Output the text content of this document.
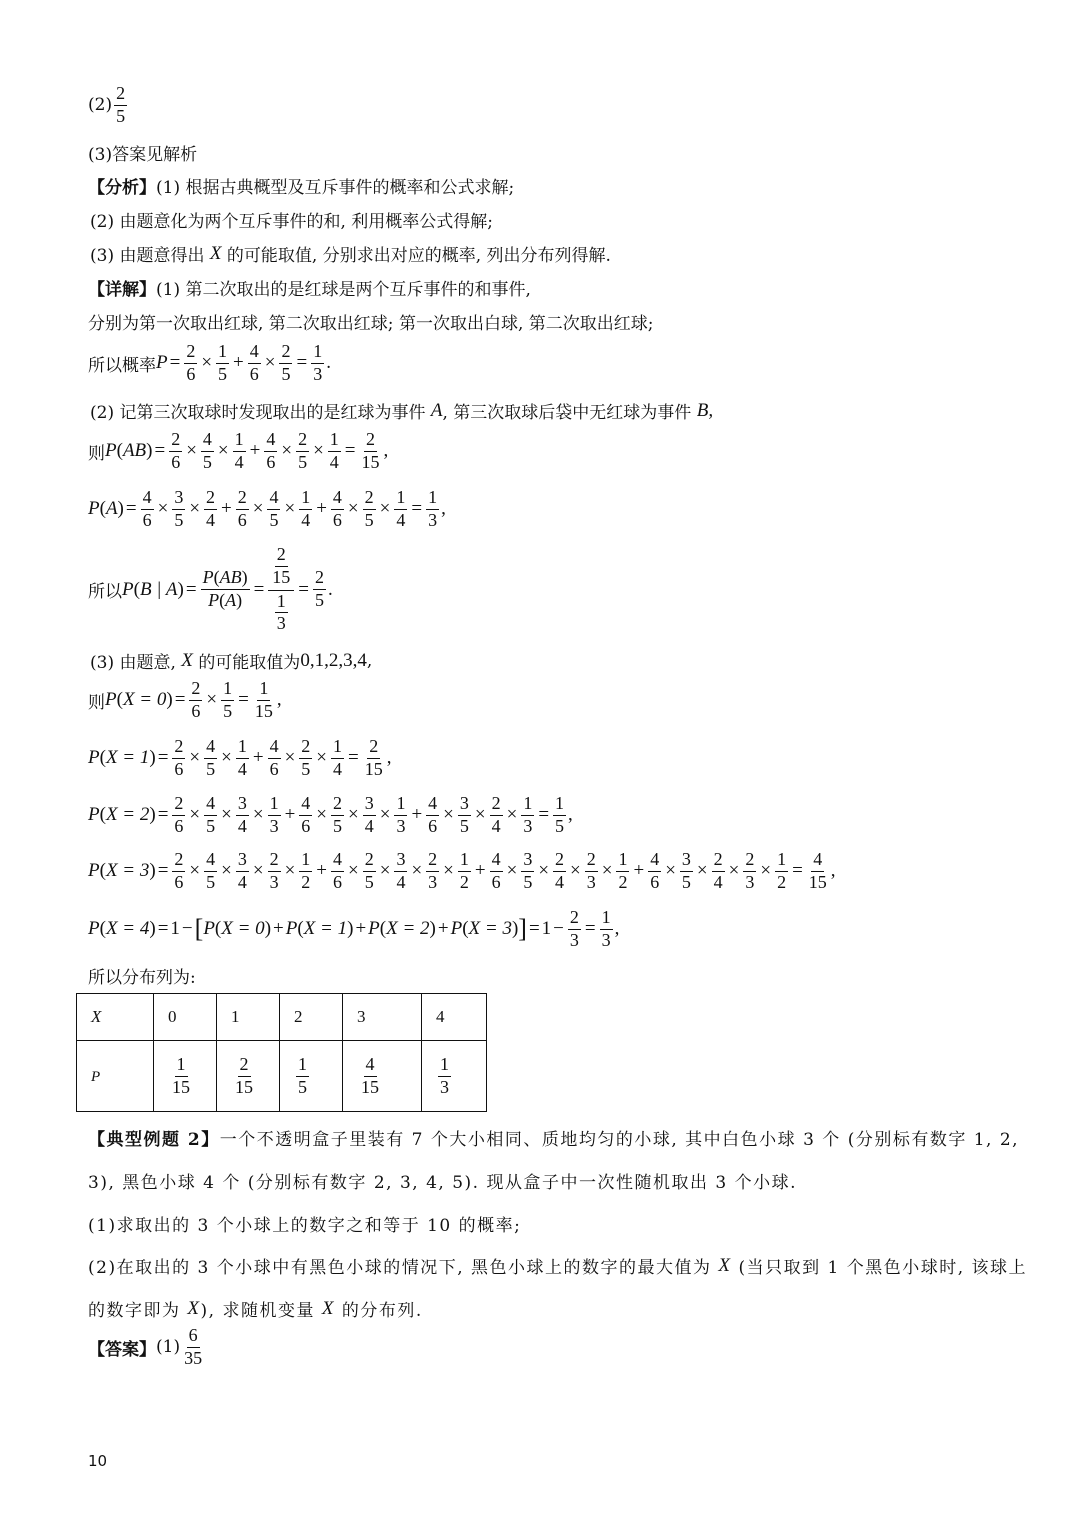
$(2) \frac{2}{5}$
(3)答案见解析
【分析】 (1) 根据古典概型及互斥事件的概率和公式求解;
(2) 由题意化为两个互斥事件的和, 利用概率公式得解;
(3) 由题意得出
X
的可能取值, 分别求出对应的概率, 列出分布列得解.
【详解】 (1) 第二次取出的是红球是两个互斥事件的和事件,
分别为第一次取出红球, 第二次取出红球; 第一次取出白球, 第二次取出红球;
所以概率 $P = \frac{2}{6} \times \frac{1}{5} + \frac{4}{6} \times \frac{2}{5} = \frac{1}{3}$ .
(2) 记第三次取球时发现取出的是红球为事件
A , 第三次取球后袋中无红球为事件
B,
则 P ( AB ) = $\frac{2}{6} \times \frac{4}{5} \times \frac{1}{4} + \frac{4}{6} \times \frac{2}{5} \times \frac{1}{4} = \frac{2}{15}$ ,
P ( A ) = $\frac{4}{6} \times \frac{3}{5} \times \frac{2}{4} + \frac{2}{6} \times \frac{4}{5} \times \frac{1}{4} + \frac{4}{6} \times \frac{2}{5} \times \frac{1}{4} = \frac{1}{3}$ ,
所以 P ( B | A ) = $\frac{P(AB)}{P(A)} = \frac{\frac{2}{15}}{\frac{1}{3}} = \frac{2}{5}$ .
(3) 由题意,
X
的可能取值为 0,1,2,3,4 ,
则 P ( X = 0 ) = $\frac{2}{6} \times \frac{1}{5} = \frac{1}{15}$ ,
P ( X = 1 ) = $\frac{2}{6} \times \frac{4}{5} \times \frac{1}{4} + \frac{4}{6} \times \frac{2}{5} \times \frac{1}{4} = \frac{2}{15}$ ,
P ( X = 2 ) = $\frac{2}{6} \times \frac{4}{5} \times \frac{3}{4} \times \frac{1}{3} + \frac{4}{6} \times \frac{2}{5} \times \frac{3}{4} \times \frac{1}{3} + \frac{4}{6} \times \frac{3}{5} \times \frac{2}{4} \times \frac{1}{3} = \frac{1}{5}$ ,
P ( X = 3 ) = $\frac{2}{6} \times \frac{4}{5} \times \frac{3}{4} \times \frac{2}{3} \times \frac{1}{2} + \frac{4}{6} \times \frac{2}{5} \times \frac{3}{4} \times \frac{2}{3} \times \frac{1}{2} + \frac{4}{6} \times \frac{3}{5} \times \frac{2}{4} \times \frac{2}{3} \times \frac{1}{2} + \frac{4}{6} \times \frac{3}{5} \times \frac{2}{4} \times \frac{2}{3} \times \frac{1}{2} = \frac{4}{15}$ ,
P ( X = 4 ) = 1 − [ P ( X = 0 ) + P ( X = 1 ) + P ( X = 2 ) + P ( X = 3 ) ] = $1 - \frac{2}{3} = \frac{1}{3}$ ,
所以分布列为:
X	0	1	2	3	4
P	$\frac{1}{15}$	$\frac{2}{15}$	$\frac{1}{5}$	$\frac{4}{15}$	$\frac{1}{3}$
【典型例题 2】 一个不透明盒子里装有 7 个大小相同、质地均匀的小球, 其中白色小球 3 个 (分别标有数字 1, 2,
3), 黑色小球 4 个 (分别标有数字 2, 3, 4, 5). 现从盒子中一次性随机取出 3 个小球.
(1)求取出的 3 个小球上的数字之和等于 10 的概率;
(2)在取出的 3 个小球中有黑色小球的情况下, 黑色小球上的数字的最大值为
X
(当只取到 1 个黑色小球时, 该球上
的数字即为
X ), 求随机变量
X
的分布列.
【答案】 $(1) \frac{6}{35}$
10
